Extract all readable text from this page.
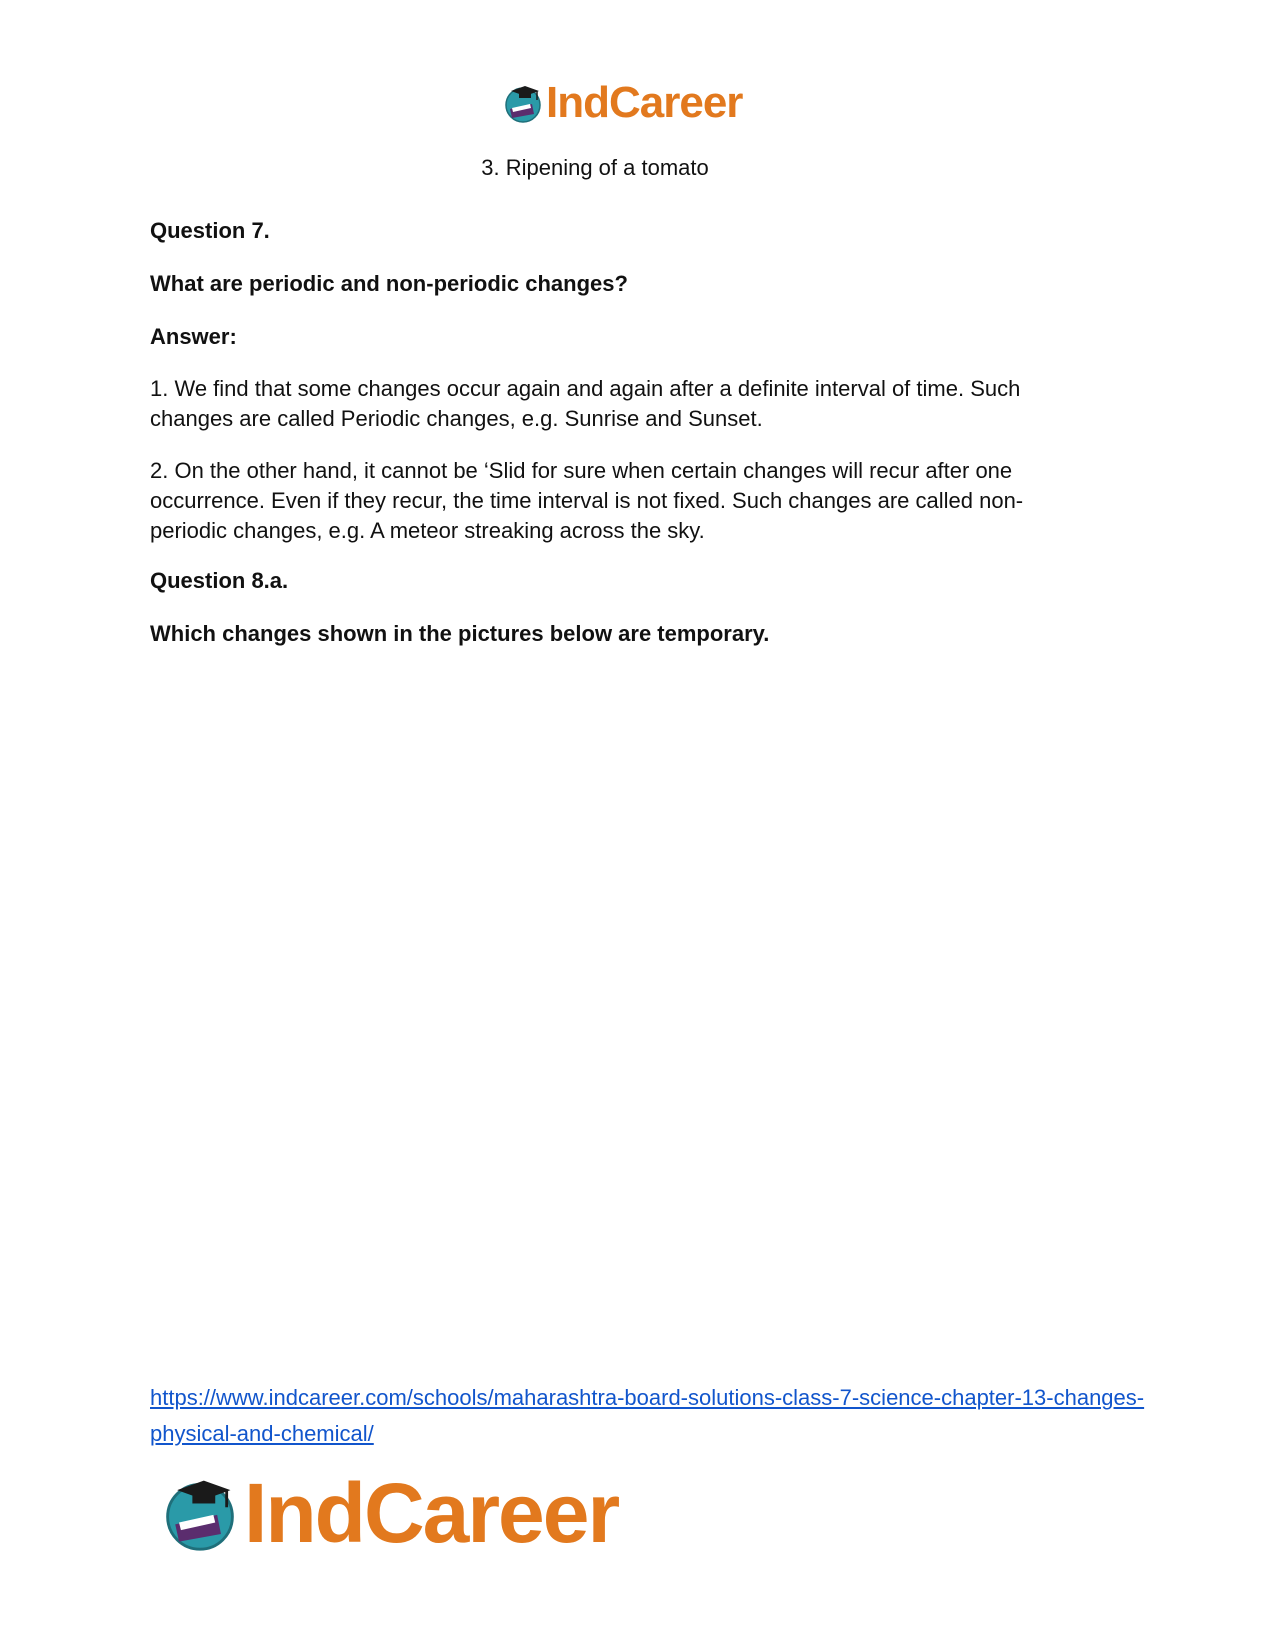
IndCareer

3. Ripening of a tomato

Question 7.

What are periodic and non-periodic changes?

Answer:

1. We find that some changes occur again and again after a definite interval of time. Such changes are called Periodic changes, e.g. Sunrise and Sunset.

2. On the other hand, it cannot be ‘Slid for sure when certain changes will recur after one occurrence. Even if they recur, the time interval is not fixed. Such changes are called non-periodic changes, e.g. A meteor streaking across the sky.

Question 8.a.

Which changes shown in the pictures below are temporary.

https://www.indcareer.com/schools/maharashtra-board-solutions-class-7-science-chapter-13-changes-physical-and-chemical/
IndCareer
